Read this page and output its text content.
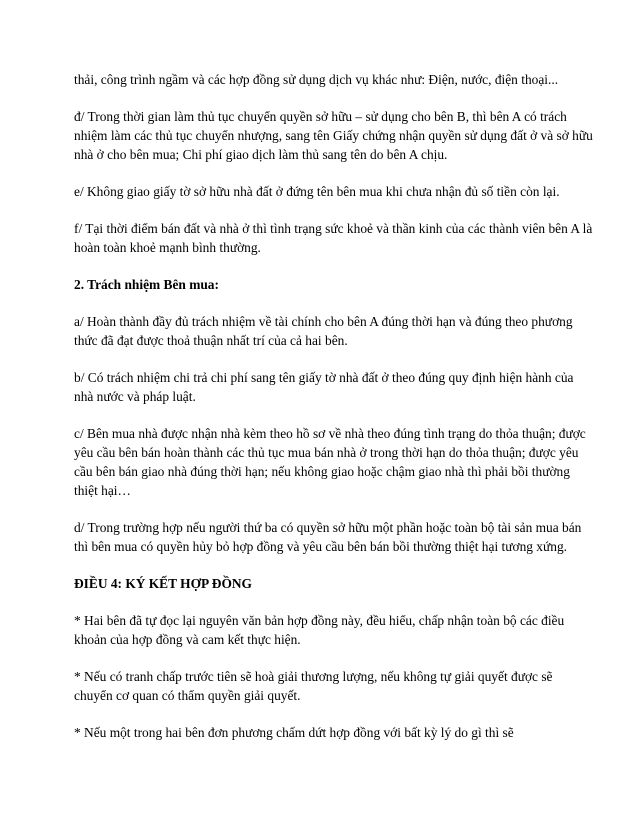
thải, công trình ngầm và các hợp đồng sử dụng dịch vụ khác như: Điện, nước, điện thoại...

đ/ Trong thời gian làm thủ tục chuyển quyền sở hữu – sử dụng cho bên B, thì bên A có trách nhiệm làm các thủ tục chuyển nhượng, sang tên Giấy chứng nhận quyền sử dụng đất ở và sở hữu nhà ở cho bên mua; Chi phí giao dịch làm thủ sang tên do bên A chịu.

e/ Không giao giấy tờ sở hữu nhà đất ở đứng tên bên mua khi chưa nhận đủ số tiền còn lại.

f/ Tại thời điểm bán đất và nhà ở thì tình trạng sức khoẻ và thần kinh của các thành viên bên A là hoàn toàn khoẻ mạnh bình thường.

2. Trách nhiệm Bên mua:

a/ Hoàn thành đầy đủ trách nhiệm về tài chính cho bên A đúng thời hạn và đúng theo phương thức đã đạt được thoả thuận nhất trí của cả hai bên.

b/ Có trách nhiệm chi trả chi phí sang tên giấy tờ nhà đất ở theo đúng quy định hiện hành của nhà nước và pháp luật.

c/ Bên mua nhà được nhận nhà kèm theo hồ sơ về nhà theo đúng tình trạng do thỏa thuận; được yêu cầu bên bán hoàn thành các thủ tục mua bán nhà ở trong thời hạn do thỏa thuận; được yêu cầu bên bán giao nhà đúng thời hạn; nếu không giao hoặc chậm giao nhà thì phải bồi thường thiệt hại…

d/ Trong trường hợp nếu người thứ ba có quyền sở hữu một phần hoặc toàn bộ tài sản mua bán thì bên mua có quyền hủy bỏ hợp đồng và yêu cầu bên bán bồi thường thiệt hại tương xứng.

ĐIỀU 4: KÝ KẾT HỢP ĐỒNG

* Hai bên đã tự đọc lại nguyên văn bản hợp đồng này, đều hiểu, chấp nhận toàn bộ các điều khoản của hợp đồng và cam kết thực hiện.

* Nếu có tranh chấp trước tiên sẽ hoà giải thương lượng, nếu không tự giải quyết được sẽ chuyển cơ quan có thẩm quyền giải quyết.

* Nếu một trong hai bên đơn phương chấm dứt hợp đồng với bất kỳ lý do gì thì sẽ
